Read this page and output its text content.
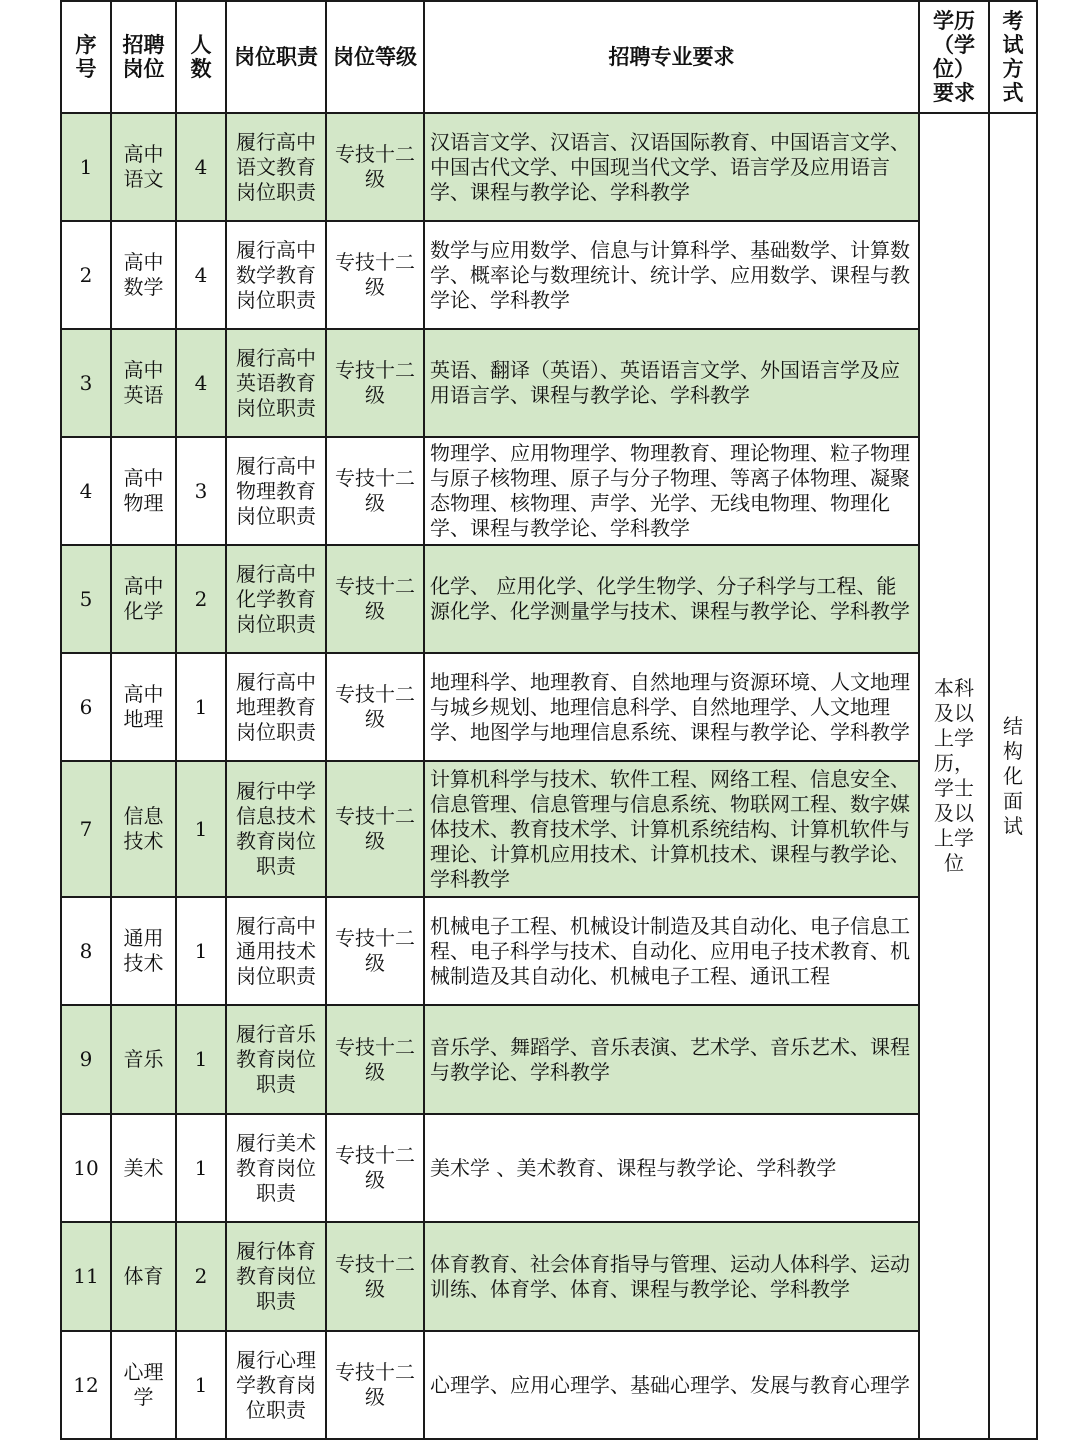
序号	招聘岗位	人数	岗位职责	岗位等级	招聘专业要求	学历（学位）要求	考试方式
1	高中语文	4	履行高中语文教育岗位职责	专技十二级	汉语言文学、汉语言、汉语国际教育、中国语言文学、中国古代文学、中国现当代文学、语言学及应用语言学、课程与教学论、学科教学	本科及以上学历，学士及以上学位	结构化面试
2	高中数学	4	履行高中数学教育岗位职责	专技十二级	数学与应用数学、信息与计算科学、基础数学、计算数学、概率论与数理统计、统计学、应用数学、课程与教学论、学科教学		
3	高中英语	4	履行高中英语教育岗位职责	专技十二级	英语、翻译（英语）、英语语言文学、外国语言学及应用语言学、课程与教学论、学科教学		
4	高中物理	3	履行高中物理教育岗位职责	专技十二级	物理学、应用物理学、物理教育、理论物理、粒子物理与原子核物理、原子与分子物理、等离子体物理、凝聚态物理、核物理、声学、光学、无线电物理、物理化学、课程与教学论、学科教学		
5	高中化学	2	履行高中化学教育岗位职责	专技十二级	化学、 应用化学、化学生物学、分子科学与工程、能源化学、化学测量学与技术、课程与教学论、学科教学		
6	高中地理	1	履行高中地理教育岗位职责	专技十二级	地理科学、地理教育、自然地理与资源环境、人文地理与城乡规划、地理信息科学、自然地理学、人文地理学、地图学与地理信息系统、课程与教学论、学科教学		
7	信息技术	1	履行中学信息技术教育岗位职责	专技十二级	计算机科学与技术、软件工程、网络工程、信息安全、信息管理、信息管理与信息系统、物联网工程、数字媒体技术、教育技术学、计算机系统结构、计算机软件与理论、计算机应用技术、计算机技术、课程与教学论、学科教学		
8	通用技术	1	履行高中通用技术岗位职责	专技十二级	机械电子工程、机械设计制造及其自动化、电子信息工程、电子科学与技术、自动化、应用电子技术教育、机械制造及其自动化、机械电子工程、通讯工程		
9	音乐	1	履行音乐教育岗位职责	专技十二级	音乐学、舞蹈学、音乐表演、艺术学、音乐艺术、课程与教学论、学科教学		
10	美术	1	履行美术教育岗位职责	专技十二级	美术学 、美术教育、课程与教学论、学科教学		
11	体育	2	履行体育教育岗位职责	专技十二级	体育教育、社会体育指导与管理、运动人体科学、运动训练、体育学、体育、课程与教学论、学科教学		
12	心理学	1	履行心理学教育岗位职责	专技十二级	心理学、应用心理学、基础心理学、发展与教育心理学		
